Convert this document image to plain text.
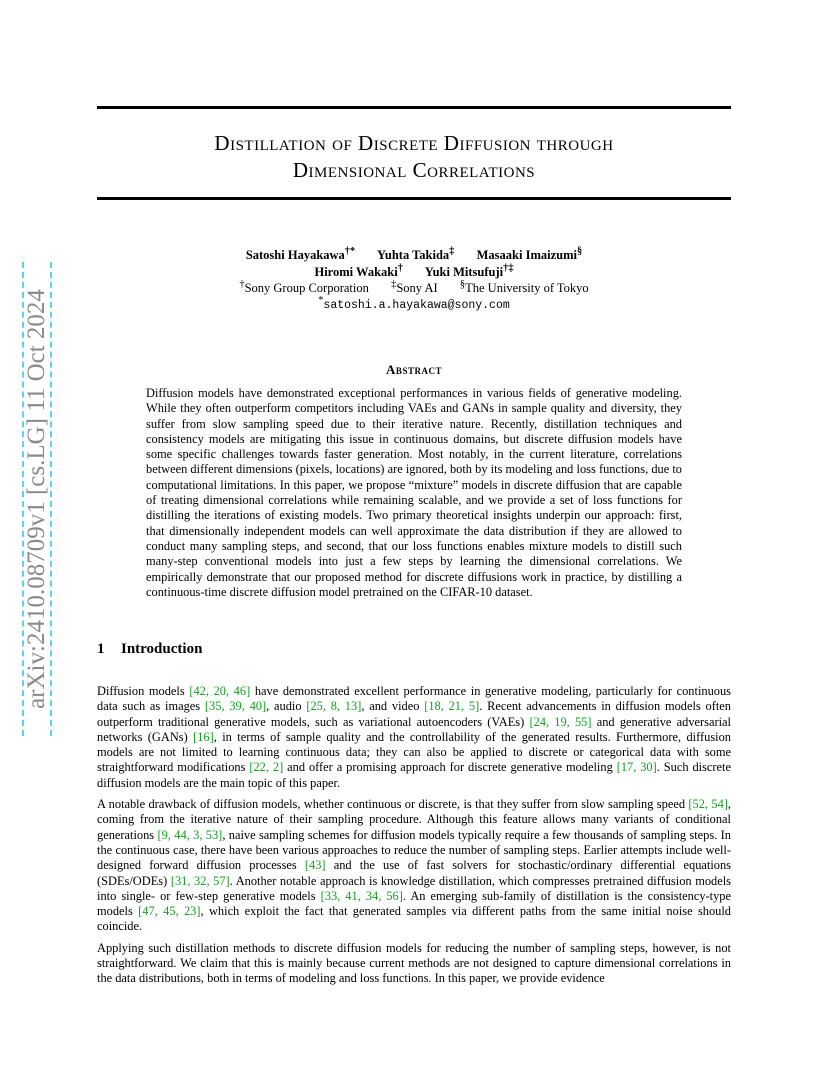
arXiv:2410.08709v1 [cs.LG] 11 Oct 2024
Distillation of Discrete Diffusion through
Dimensional Correlations
Satoshi Hayakawa†* Yuhta Takida‡ Masaaki Imaizumi§
Hiromi Wakaki† Yuki Mitsufuji†‡
†Sony Group Corporation ‡Sony AI §The University of Tokyo
*satoshi.a.hayakawa@sony.com
Abstract

Diffusion models have demonstrated exceptional performances in various fields of generative modeling. While they often outperform competitors including VAEs and GANs in sample quality and diversity, they suffer from slow sampling speed due to their iterative nature. Recently, distillation techniques and consistency models are mitigating this issue in continuous domains, but discrete diffusion models have some specific challenges towards faster generation. Most notably, in the current literature, correlations between different dimensions (pixels, locations) are ignored, both by its modeling and loss functions, due to computational limitations. In this paper, we propose “mixture” models in discrete diffusion that are capable of treating dimensional correlations while remaining scalable, and we provide a set of loss functions for distilling the iterations of existing models. Two primary theoretical insights underpin our approach: first, that dimensionally independent models can well approximate the data distribution if they are allowed to conduct many sampling steps, and second, that our loss functions enables mixture models to distill such many-step conventional models into just a few steps by learning the dimensional correlations. We empirically demonstrate that our proposed method for discrete diffusions work in practice, by distilling a continuous-time discrete diffusion model pretrained on the CIFAR-10 dataset.

1 Introduction

Diffusion models [42, 20, 46] have demonstrated excellent performance in generative modeling, particularly for continuous data such as images [35, 39, 40], audio [25, 8, 13], and video [18, 21, 5]. Recent advancements in diffusion models often outperform traditional generative models, such as variational autoencoders (VAEs) [24, 19, 55] and generative adversarial networks (GANs) [16], in terms of sample quality and the controllability of the generated results. Furthermore, diffusion models are not limited to learning continuous data; they can also be applied to discrete or categorical data with some straightforward modifications [22, 2] and offer a promising approach for discrete generative modeling [17, 30]. Such discrete diffusion models are the main topic of this paper.

A notable drawback of diffusion models, whether continuous or discrete, is that they suffer from slow sampling speed [52, 54], coming from the iterative nature of their sampling procedure. Although this feature allows many variants of conditional generations [9, 44, 3, 53], naive sampling schemes for diffusion models typically require a few thousands of sampling steps. In the continuous case, there have been various approaches to reduce the number of sampling steps. Earlier attempts include well-designed forward diffusion processes [43] and the use of fast solvers for stochastic/ordinary differential equations (SDEs/ODEs) [31, 32, 57]. Another notable approach is knowledge distillation, which compresses pretrained diffusion models into single- or few-step generative models [33, 41, 34, 56]. An emerging sub-family of distillation is the consistency-type models [47, 45, 23], which exploit the fact that generated samples via different paths from the same initial noise should coincide.

Applying such distillation methods to discrete diffusion models for reducing the number of sampling steps, however, is not straightforward. We claim that this is mainly because current methods are not designed to capture dimensional correlations in the data distributions, both in terms of modeling and loss functions. In this paper, we provide evidence
